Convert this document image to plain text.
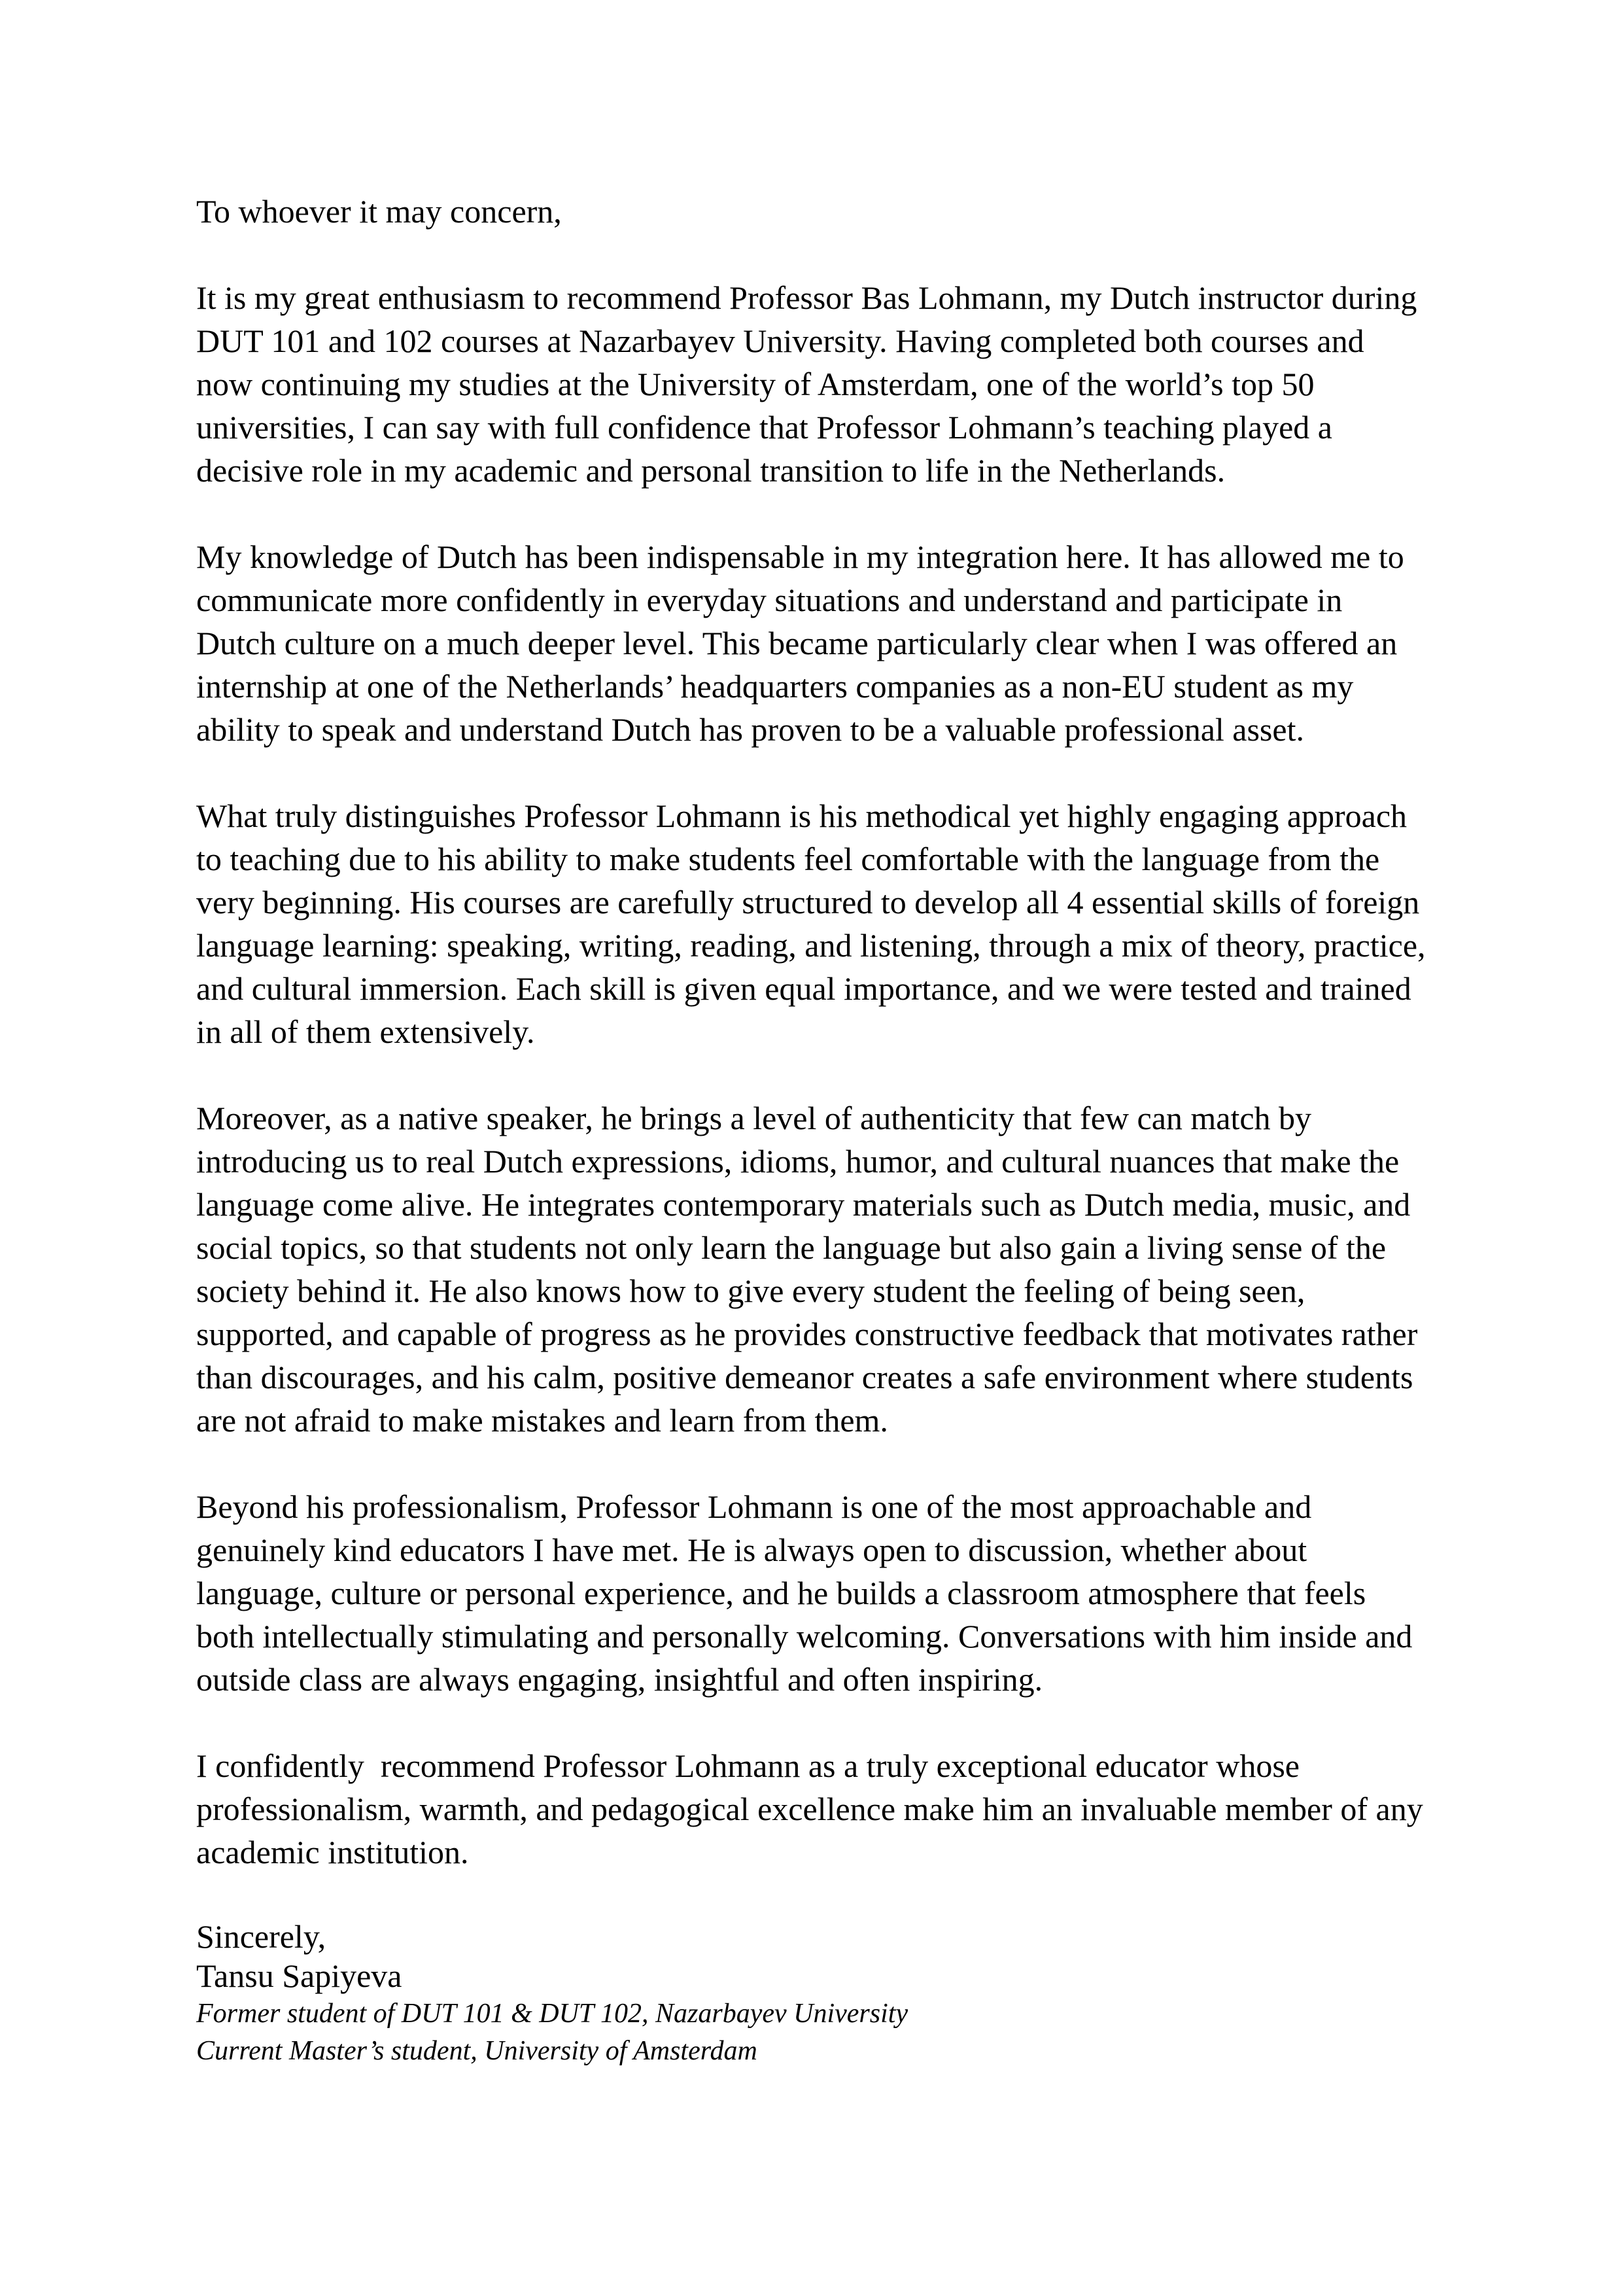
To whoever it may concern,

It is my great enthusiasm to recommend Professor Bas Lohmann, my Dutch instructor during DUT 101 and 102 courses at Nazarbayev University. Having completed both courses and now continuing my studies at the University of Amsterdam, one of the world’s top 50 universities, I can say with full confidence that Professor Lohmann’s teaching played a decisive role in my academic and personal transition to life in the Netherlands.

My knowledge of Dutch has been indispensable in my integration here. It has allowed me to communicate more confidently in everyday situations and understand and participate in Dutch culture on a much deeper level. This became particularly clear when I was offered an internship at one of the Netherlands’ headquarters companies as a non-EU student as my ability to speak and understand Dutch has proven to be a valuable professional asset.

What truly distinguishes Professor Lohmann is his methodical yet highly engaging approach to teaching due to his ability to make students feel comfortable with the language from the very beginning. His courses are carefully structured to develop all 4 essential skills of foreign language learning: speaking, writing, reading, and listening, through a mix of theory, practice, and cultural immersion. Each skill is given equal importance, and we were tested and trained in all of them extensively.

Moreover, as a native speaker, he brings a level of authenticity that few can match by introducing us to real Dutch expressions, idioms, humor, and cultural nuances that make the language come alive. He integrates contemporary materials such as Dutch media, music, and social topics, so that students not only learn the language but also gain a living sense of the society behind it. He also knows how to give every student the feeling of being seen, supported, and capable of progress as he provides constructive feedback that motivates rather than discourages, and his calm, positive demeanor creates a safe environment where students are not afraid to make mistakes and learn from them.

Beyond his professionalism, Professor Lohmann is one of the most approachable and genuinely kind educators I have met. He is always open to discussion, whether about language, culture or personal experience, and he builds a classroom atmosphere that feels both intellectually stimulating and personally welcoming. Conversations with him inside and outside class are always engaging, insightful and often inspiring.

I confidently  recommend Professor Lohmann as a truly exceptional educator whose professionalism, warmth, and pedagogical excellence make him an invaluable member of any academic institution.

Sincerely,

Tansu Sapiyeva

Former student of DUT 101 & DUT 102, Nazarbayev University

Current Master’s student, University of Amsterdam
